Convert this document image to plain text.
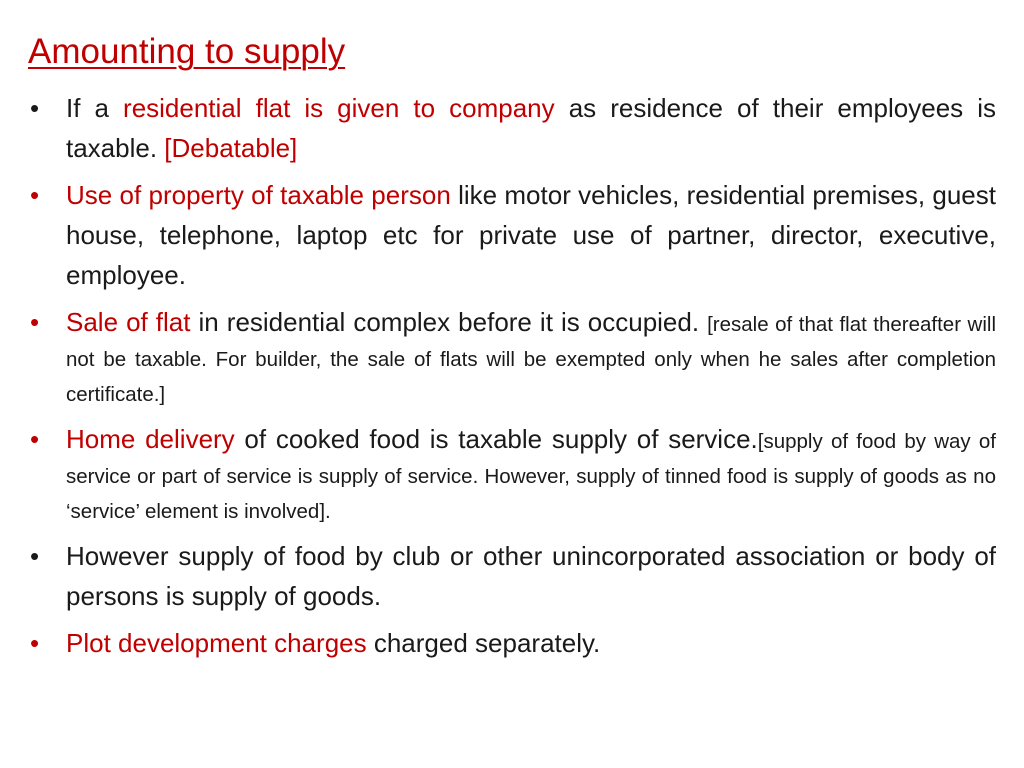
Amounting to supply
• If a residential flat is given to company as residence of their employees is taxable. [Debatable]
• Use of property of taxable person like motor vehicles, residential premises, guest house, telephone, laptop etc for private use of partner, director, executive, employee.
• Sale of flat in residential complex before it is occupied. [resale of that flat thereafter will not be taxable. For builder, the sale of flats will be exempted only when he sales after completion certificate.]
• Home delivery of cooked food is taxable supply of service.[supply of food by way of service or part of service is supply of service. However, supply of tinned food is supply of goods as no ‘service’ element is involved].
• However supply of food by club or other unincorporated association or body of persons is supply of goods.
• Plot development charges charged separately.
